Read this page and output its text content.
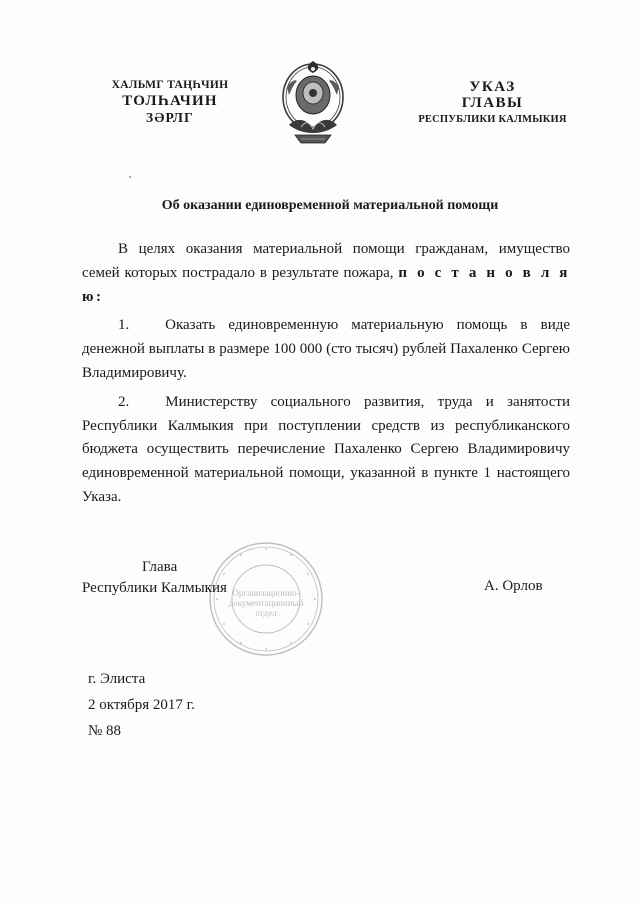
ХАЛЬМГ ТАҢҺЧИН
ТОЛҺАЧИН
ЗӘРЛГ
УКАЗ
ГЛАВЫ
РЕСПУБЛИКИ КАЛМЫКИЯ
Об оказании единовременной материальной помощи

В целях оказания материальной помощи гражданам, имущество семей которых пострадало в результате пожара, п о с т а н о в л я ю:

1. Оказать единовременную материальную помощь в виде денежной выплаты в размере 100 000 (сто тысяч) рублей Пахаленко Сергею Владимировичу.

2. Министерству социального развития, труда и занятости Республики Калмыкия при поступлении средств из республиканского бюджета осуществить перечисление Пахаленко Сергею Владимировичу единовременной материальной помощи, указанной в пункте 1 настоящего Указа.

Организационно-
документационный
отдел
Глава
Республики Калмыкия	А. Орлов
г. Элиста
2 октября 2017 г.
№ 88
